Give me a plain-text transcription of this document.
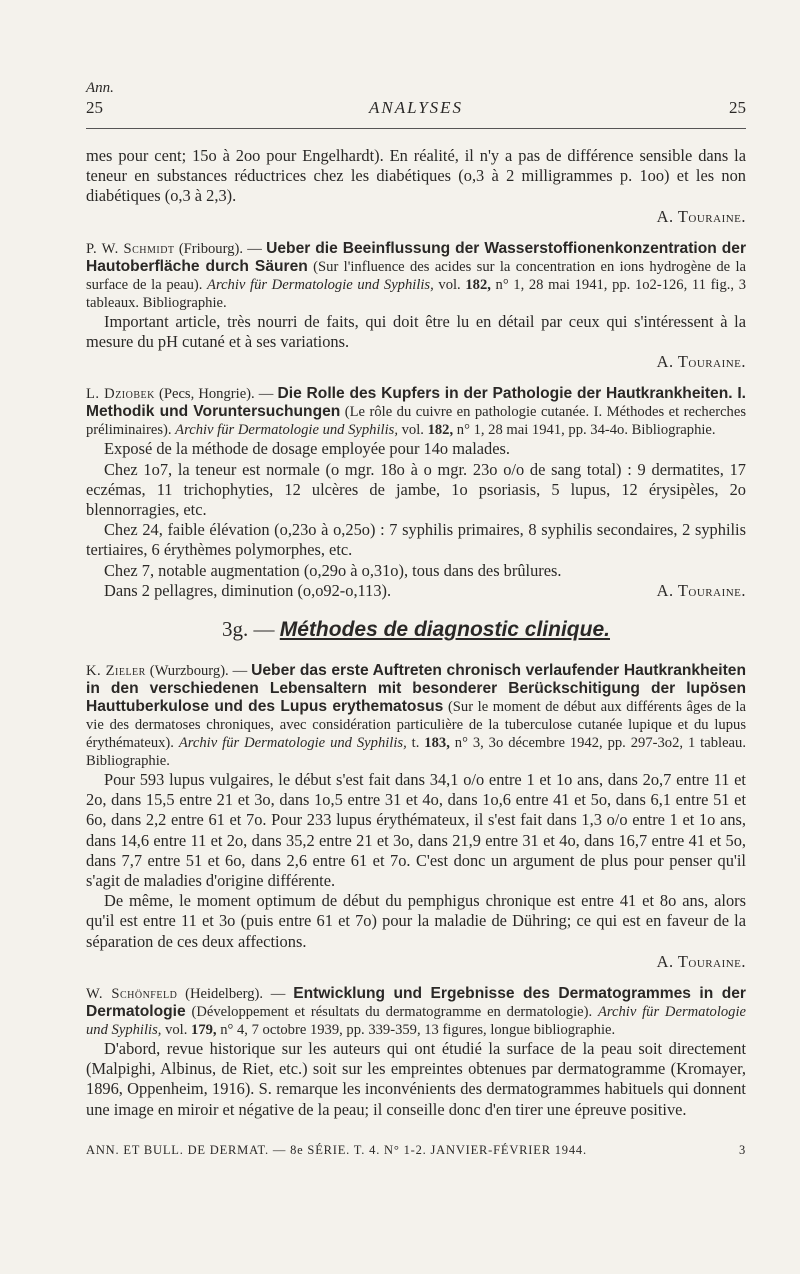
Ann.
25	ANALYSES	25

mes pour cent; 15o à 2oo pour Engelhardt). En réalité, il n'y a pas de différence sensible dans la teneur en substances réductrices chez les diabétiques (o,3 à 2 milligrammes p. 1oo) et les non diabétiques (o,3 à 2,3).

A. Touraine.

P. W. Schmidt (Fribourg). — Ueber die Beeinflussung der Wasserstoffionenkonzentration der Hautoberfläche durch Säuren (Sur l'influence des acides sur la concentration en ions hydrogène de la surface de la peau). Archiv für Dermatologie und Syphilis, vol. 182, n° 1, 28 mai 1941, pp. 1o2-126, 11 fig., 3 tableaux. Bibliographie.

Important article, très nourri de faits, qui doit être lu en détail par ceux qui s'intéressent à la mesure du pH cutané et à ses variations.

A. Touraine.

L. Dziobek (Pecs, Hongrie). — Die Rolle des Kupfers in der Pathologie der Hautkrankheiten. I. Methodik und Voruntersuchungen (Le rôle du cuivre en pathologie cutanée. I. Méthodes et recherches préliminaires). Archiv für Dermatologie und Syphilis, vol. 182, n° 1, 28 mai 1941, pp. 34-4o. Bibliographie.

Exposé de la méthode de dosage employée pour 14o malades.

Chez 1o7, la teneur est normale (o mgr. 18o à o mgr. 23o o/o de sang total) : 9 dermatites, 17 eczémas, 11 trichophyties, 12 ulcères de jambe, 1o psoriasis, 5 lupus, 12 érysipèles, 2o blennorragies, etc.

Chez 24, faible élévation (o,23o à o,25o) : 7 syphilis primaires, 8 syphilis secondaires, 2 syphilis tertiaires, 6 érythèmes polymorphes, etc.

Chez 7, notable augmentation (o,29o à o,31o), tous dans des brûlures.

Dans 2 pellagres, diminution (o,o92-o,113).	A. Touraine.

3g. — Méthodes de diagnostic clinique.

K. Zieler (Wurzbourg). — Ueber das erste Auftreten chronisch verlaufender Hautkrankheiten in den verschiedenen Lebensaltern mit besonderer Berückschitigung der lupösen Hauttuberkulose und des Lupus erythematosus (Sur le moment de début aux différents âges de la vie des dermatoses chroniques, avec considération particulière de la tuberculose cutanée lupique et du lupus érythémateux). Archiv für Dermatologie und Syphilis, t. 183, n° 3, 3o décembre 1942, pp. 297-3o2, 1 tableau. Bibliographie.

Pour 593 lupus vulgaires, le début s'est fait dans 34,1 o/o entre 1 et 1o ans, dans 2o,7 entre 11 et 2o, dans 15,5 entre 21 et 3o, dans 1o,5 entre 31 et 4o, dans 1o,6 entre 41 et 5o, dans 6,1 entre 51 et 6o, dans 2,2 entre 61 et 7o. Pour 233 lupus érythémateux, il s'est fait dans 1,3 o/o entre 1 et 1o ans, dans 14,6 entre 11 et 2o, dans 35,2 entre 21 et 3o, dans 21,9 entre 31 et 4o, dans 16,7 entre 41 et 5o, dans 7,7 entre 51 et 6o, dans 2,6 entre 61 et 7o. C'est donc un argument de plus pour penser qu'il s'agit de maladies d'origine différente.

De même, le moment optimum de début du pemphigus chronique est entre 41 et 8o ans, alors qu'il est entre 11 et 3o (puis entre 61 et 7o) pour la maladie de Dühring; ce qui est en faveur de la séparation de ces deux affections.

A. Touraine.

W. Schönfeld (Heidelberg). — Entwicklung und Ergebnisse des Dermatogrammes in der Dermatologie (Développement et résultats du dermatogramme en dermatologie). Archiv für Dermatologie und Syphilis, vol. 179, n° 4, 7 octobre 1939, pp. 339-359, 13 figures, longue bibliographie.

D'abord, revue historique sur les auteurs qui ont étudié la surface de la peau soit directement (Malpighi, Albinus, de Riet, etc.) soit sur les empreintes obtenues par dermatogramme (Kromayer, 1896, Oppenheim, 1916). S. remarque les inconvénients des dermatogrammes habituels qui donnent une image en miroir et négative de la peau; il conseille donc d'en tirer une épreuve positive.

ANN. ET BULL. DE DERMAT. — 8e SÉRIE. T. 4. N° 1-2. JANVIER-FÉVRIER 1944.	3
